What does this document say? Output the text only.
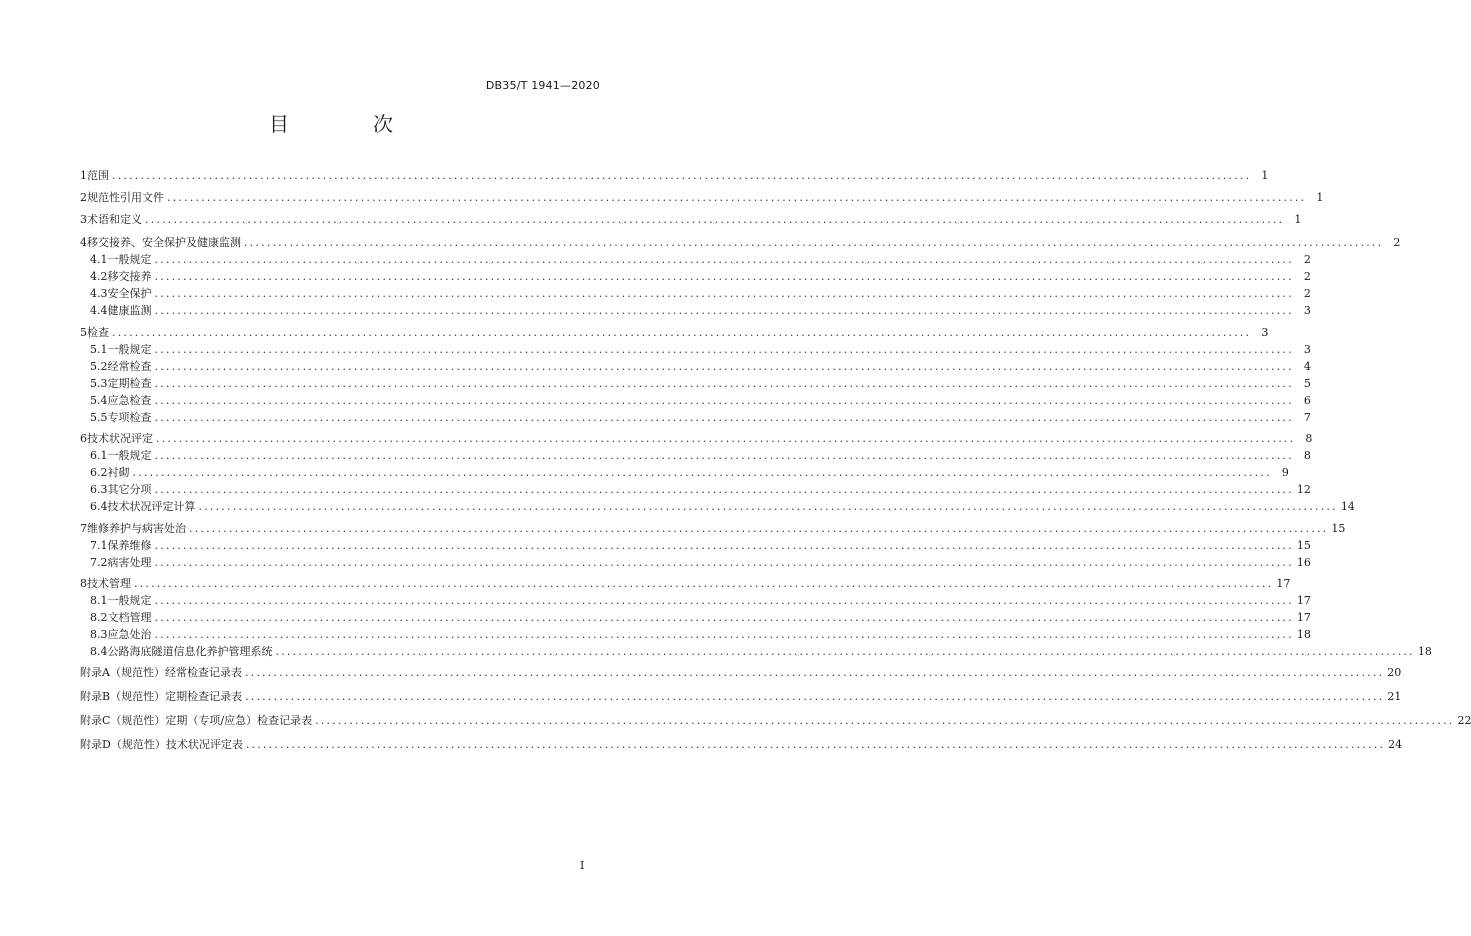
DB35/T 1941—2020
目　次
1 范围 ........................................................................................................................................................................................................ 1
2 规范性引用文件 ........................................................................................................................................................................................................ 1
3 术语和定义 ........................................................................................................................................................................................................ 1
4 移交接养、安全保护及健康监测 ........................................................................................................................................................................................................ 2
4.1 一般规定 ........................................................................................................................................................................................................ 2
4.2 移交接养 ........................................................................................................................................................................................................ 2
4.3 安全保护 ........................................................................................................................................................................................................ 2
4.4 健康监测 ........................................................................................................................................................................................................ 3
5 检查 ........................................................................................................................................................................................................ 3
5.1 一般规定 ........................................................................................................................................................................................................ 3
5.2 经常检查 ........................................................................................................................................................................................................ 4
5.3 定期检查 ........................................................................................................................................................................................................ 5
5.4 应急检查 ........................................................................................................................................................................................................ 6
5.5 专项检查 ........................................................................................................................................................................................................ 7
6 技术状况评定 ........................................................................................................................................................................................................ 8
6.1 一般规定 ........................................................................................................................................................................................................ 8
6.2 衬砌 ........................................................................................................................................................................................................ 9
6.3 其它分项 ........................................................................................................................................................................................................ 12
6.4 技术状况评定计算 ........................................................................................................................................................................................................ 14
7 维修养护与病害处治 ........................................................................................................................................................................................................ 15
7.1 保养维修 ........................................................................................................................................................................................................ 15
7.2 病害处理 ........................................................................................................................................................................................................ 16
8 技术管理 ........................................................................................................................................................................................................ 17
8.1 一般规定 ........................................................................................................................................................................................................ 17
8.2 文档管理 ........................................................................................................................................................................................................ 17
8.3 应急处治 ........................................................................................................................................................................................................ 18
8.4 公路海底隧道信息化养护管理系统 ........................................................................................................................................................................................................ 18
附录A（规范性） 经常检查记录表 ........................................................................................................................................................................................................ 20
附录B（规范性） 定期检查记录表 ........................................................................................................................................................................................................ 21
附录C（规范性） 定期（专项/应急）检查记录表 ........................................................................................................................................................................................................ 22
附录D（规范性） 技术状况评定表 ........................................................................................................................................................................................................ 24
I
